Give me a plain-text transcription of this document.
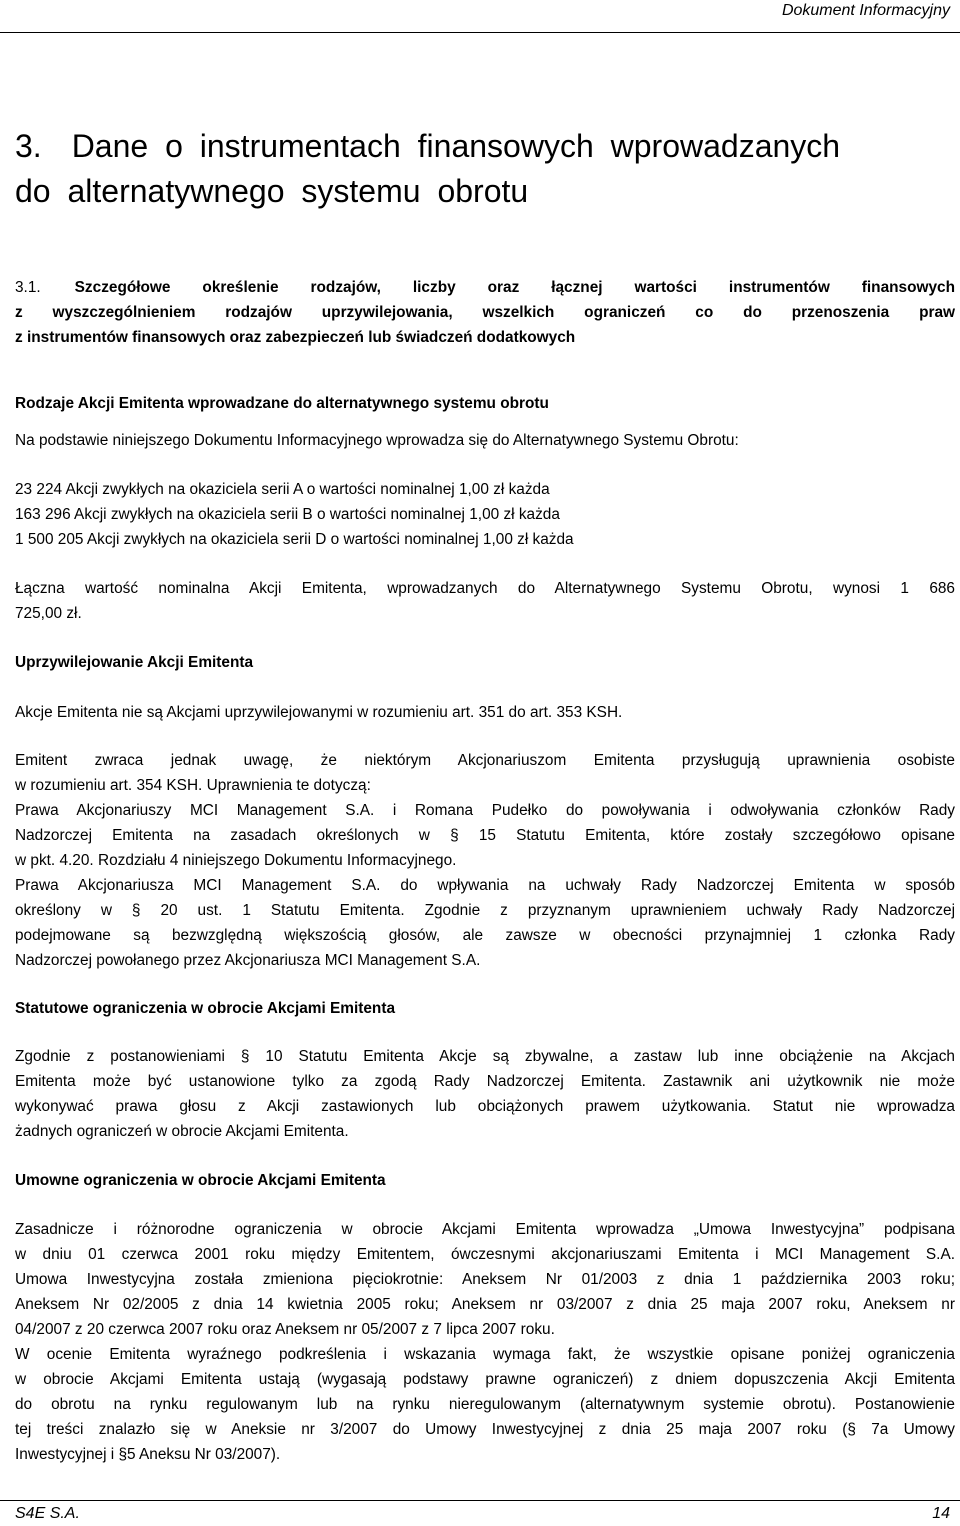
Dokument Informacyjny
3. Dane o instrumentach finansowych wprowadzanych
do alternatywnego systemu obrotu
3.1. Szczegółowe określenie rodzajów, liczby oraz łącznej wartości instrumentów finansowych
z wyszczególnieniem rodzajów uprzywilejowania, wszelkich ograniczeń co do przenoszenia praw
z instrumentów finansowych oraz zabezpieczeń lub świadczeń dodatkowych
Rodzaje Akcji Emitenta wprowadzane do alternatywnego systemu obrotu
Na podstawie niniejszego Dokumentu Informacyjnego wprowadza się do Alternatywnego Systemu Obrotu:
23 224 Akcji zwykłych na okaziciela serii A o wartości nominalnej 1,00 zł każda
163 296 Akcji zwykłych na okaziciela serii B o wartości nominalnej 1,00 zł każda
1 500 205 Akcji zwykłych na okaziciela serii D o wartości nominalnej 1,00 zł każda
Łączna wartość nominalna Akcji Emitenta, wprowadzanych do Alternatywnego Systemu Obrotu, wynosi 1 686
725,00 zł.
Uprzywilejowanie Akcji Emitenta
Akcje Emitenta nie są Akcjami uprzywilejowanymi w rozumieniu art. 351 do art. 353 KSH.
Emitent zwraca jednak uwagę, że niektórym Akcjonariuszom Emitenta przysługują uprawnienia osobiste
w rozumieniu art. 354 KSH. Uprawnienia te dotyczą:
Prawa Akcjonariuszy MCI Management S.A. i Romana Pudełko do powoływania i odwoływania członków Rady
Nadzorczej Emitenta na zasadach określonych w § 15 Statutu Emitenta, które zostały szczegółowo opisane
w pkt. 4.20. Rozdziału 4 niniejszego Dokumentu Informacyjnego.
Prawa Akcjonariusza MCI Management S.A. do wpływania na uchwały Rady Nadzorczej Emitenta w sposób
określony w § 20 ust. 1 Statutu Emitenta. Zgodnie z przyznanym uprawnieniem uchwały Rady Nadzorczej
podejmowane są bezwzględną większością głosów, ale zawsze w obecności przynajmniej 1 członka Rady
Nadzorczej powołanego przez Akcjonariusza MCI Management S.A.
Statutowe ograniczenia w obrocie Akcjami Emitenta
Zgodnie z postanowieniami § 10 Statutu Emitenta Akcje są zbywalne, a zastaw lub inne obciążenie na Akcjach
Emitenta może być ustanowione tylko za zgodą Rady Nadzorczej Emitenta. Zastawnik ani użytkownik nie może
wykonywać prawa głosu z Akcji zastawionych lub obciążonych prawem użytkowania. Statut nie wprowadza
żadnych ograniczeń w obrocie Akcjami Emitenta.
Umowne ograniczenia w obrocie Akcjami Emitenta
Zasadnicze i różnorodne ograniczenia w obrocie Akcjami Emitenta wprowadza „Umowa Inwestycyjna” podpisana
w dniu 01 czerwca 2001 roku między Emitentem, ówczesnymi akcjonariuszami Emitenta i MCI Management S.A.
Umowa Inwestycyjna została zmieniona pięciokrotnie: Aneksem Nr 01/2003 z dnia 1 października 2003 roku;
Aneksem Nr 02/2005 z dnia 14 kwietnia 2005 roku; Aneksem nr 03/2007 z dnia 25 maja 2007 roku, Aneksem nr
04/2007 z 20 czerwca 2007 roku oraz Aneksem nr 05/2007 z 7 lipca 2007 roku.
W ocenie Emitenta wyraźnego podkreślenia i wskazania wymaga fakt, że wszystkie opisane poniżej ograniczenia
w obrocie Akcjami Emitenta ustają (wygasają podstawy prawne ograniczeń) z dniem dopuszczenia Akcji Emitenta
do obrotu na rynku regulowanym lub na rynku nieregulowanym (alternatywnym systemie obrotu). Postanowienie
tej treści znalazło się w Aneksie nr 3/2007 do Umowy Inwestycyjnej z dnia 25 maja 2007 roku (§ 7a Umowy
Inwestycyjnej i §5 Aneksu Nr 03/2007).
S4E S.A.	14
